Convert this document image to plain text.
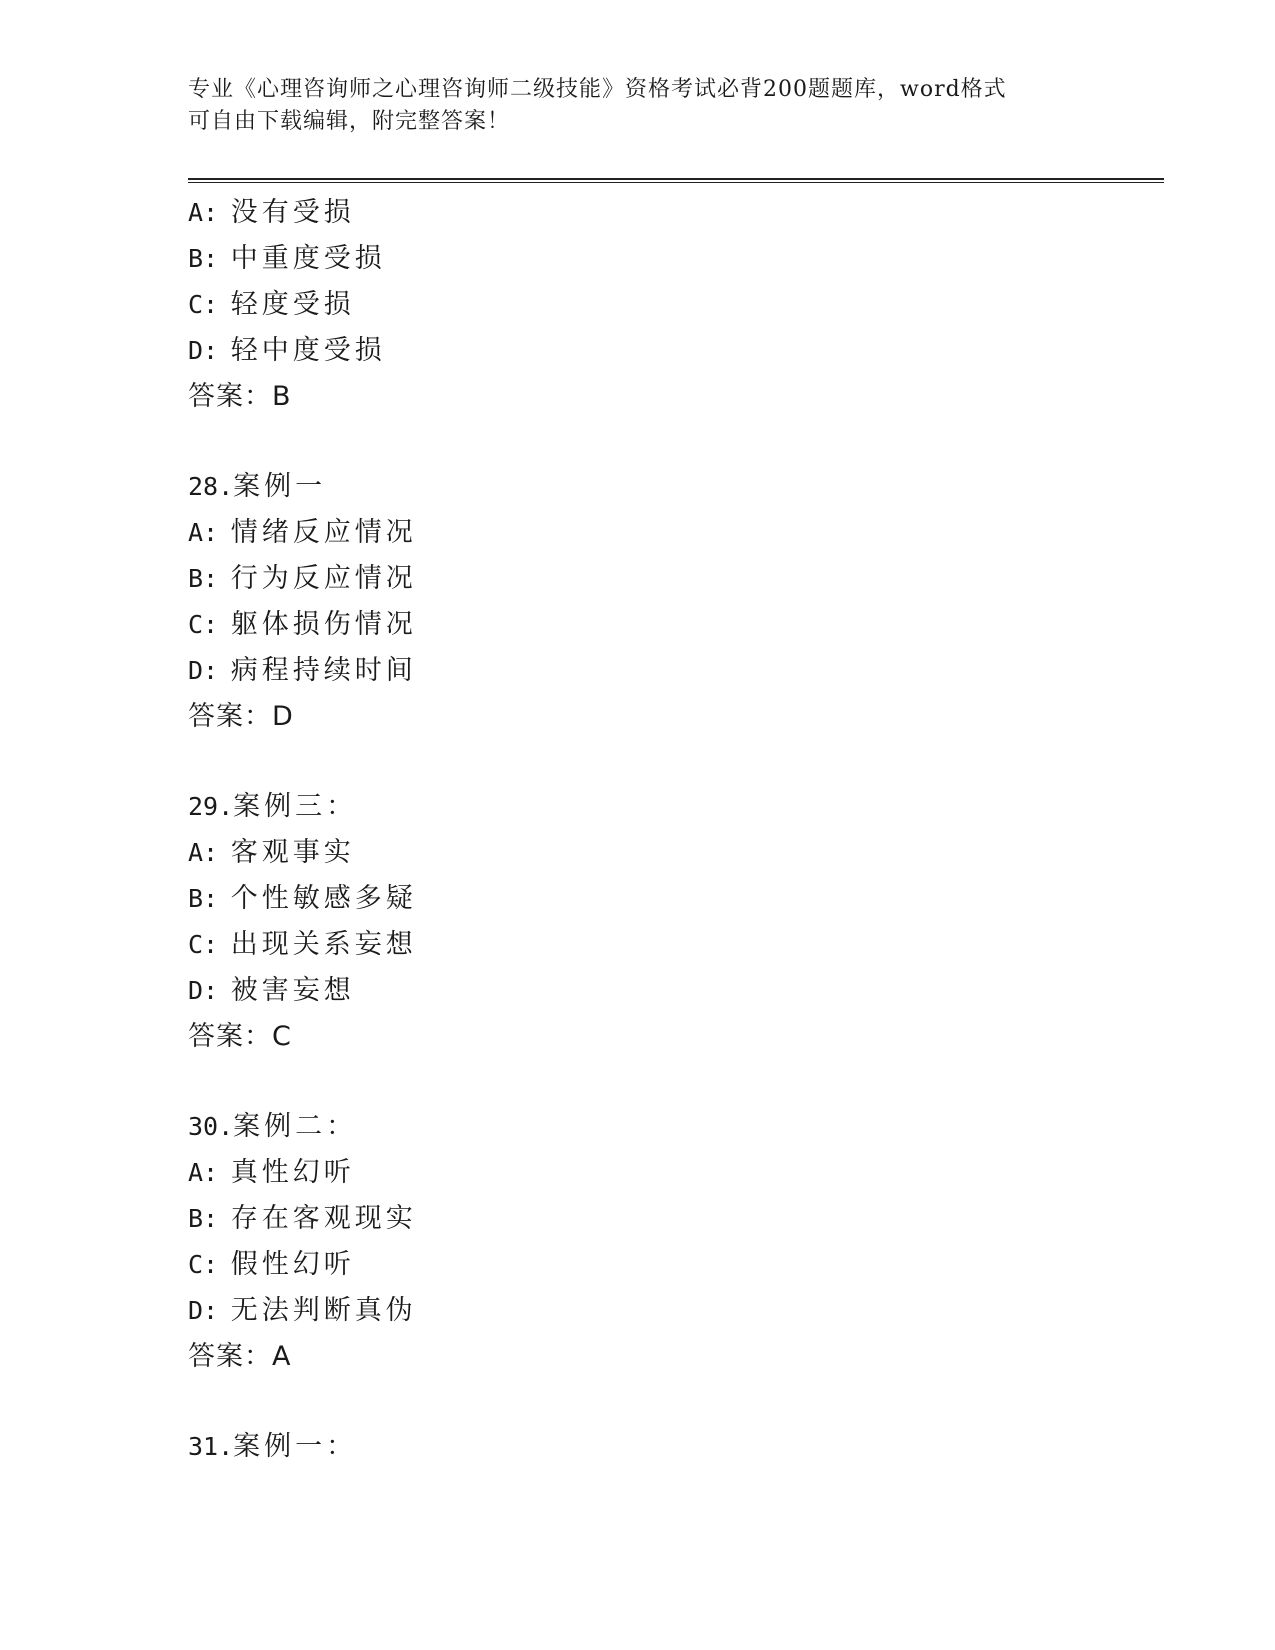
专业《心理咨询师之心理咨询师二级技能》资格考试必背200题题库，word格式
可自由下载编辑，附完整答案！
A: 没有受损
B: 中重度受损
C: 轻度受损
D: 轻中度受损
答案：B
28.案例一
A: 情绪反应情况
B: 行为反应情况
C: 躯体损伤情况
D: 病程持续时间
答案：D
29.案例三：
A: 客观事实
B: 个性敏感多疑
C: 出现关系妄想
D: 被害妄想
答案：C
30.案例二：
A: 真性幻听
B: 存在客观现实
C: 假性幻听
D: 无法判断真伪
答案：A
31.案例一：
